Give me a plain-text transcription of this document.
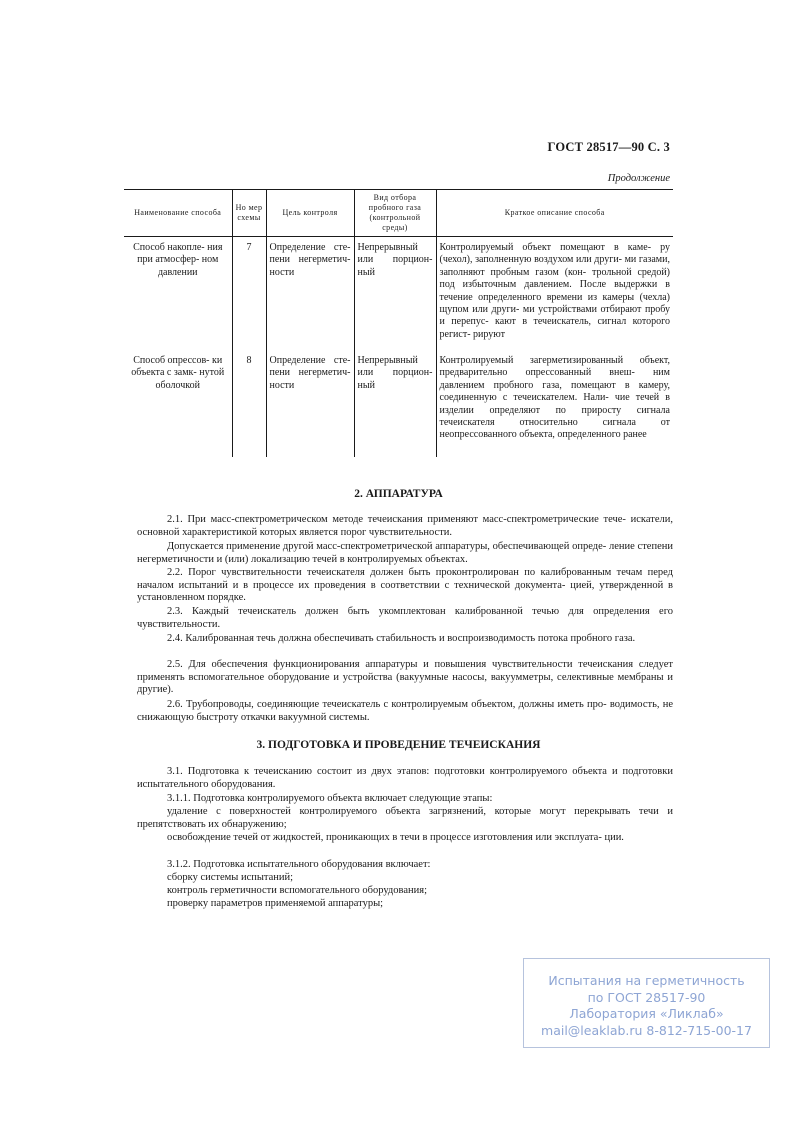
ГОСТ 28517—90 С. 3
Продолжение
Наименование способа	Но мер схемы	Цель контроля	Вид отбора пробного газа (контрольной среды)	Краткое описание способа
Способ накопле- ния при атмосфер- ном давлении	7	Определение сте- пени негерметич- ности	Непрерывный или порцион- ный	Контролируемый объект помещают в каме- ру (чехол), заполненную воздухом или други- ми газами, заполняют пробным газом (кон- трольной средой) под избыточным давлением. После выдержки в течение определенного времени из камеры (чехла) щупом или други- ми устройствами отбирают пробу и перепус- кают в течеискатель, сигнал которого регист- рируют
Способ опрессов- ки объекта с замк- нутой оболочкой	8	Определение сте- пени негерметич- ности	Непрерывный или порцион- ный	Контролируемый загерметизированный объект, предварительно опрессованный внеш- ним давлением пробного газа, помещают в камеру, соединенную с течеискателем. Нали- чие течей в изделии определяют по приросту сигнала течеискателя относительно сигнала от неопрессованного объекта, определенного ранее
2. АППАРАТУРА

2.1. При масс-спектрометрическом методе течеискания применяют масс-спектрометрические тече- искатели, основной характеристикой которых является порог чувствительности.

Допускается применение другой масс-спектрометрической аппаратуры, обеспечивающей опреде- ление степени негерметичности и (или) локализацию течей в контролируемых объектах.

2.2. Порог чувствительности течеискателя должен быть проконтролирован по калиброванным течам перед началом испытаний и в процессе их проведения в соответствии с технической документа- цией, утвержденной в установленном порядке.

2.3. Каждый течеискатель должен быть укомплектован калиброванной течью для определения его чувствительности.

2.4. Калиброванная течь должна обеспечивать стабильность и воспроизводимость потока пробного газа.

2.5. Для обеспечения функционирования аппаратуры и повышения чувствительности течеискания следует применять вспомогательное оборудование и устройства (вакуумные насосы, вакуумметры, селективные мембраны и другие).

2.6. Трубопроводы, соединяющие течеискатель с контролируемым объектом, должны иметь про- водимость, не снижающую быстроту откачки вакуумной системы.

3. ПОДГОТОВКА И ПРОВЕДЕНИЕ ТЕЧЕИСКАНИЯ

3.1. Подготовка к течеисканию состоит из двух этапов: подготовки контролируемого объекта и подготовки испытательного оборудования.

3.1.1. Подготовка контролируемого объекта включает следующие этапы:

удаление с поверхностей контролируемого объекта загрязнений, которые могут перекрывать течи и препятствовать их обнаружению;

освобождение течей от жидкостей, проникающих в течи в процессе изготовления или эксплуата- ции.

3.1.2. Подготовка испытательного оборудования включает:

сборку системы испытаний;

контроль герметичности вспомогательного оборудования;

проверку параметров применяемой аппаратуры;

Испытания на герметичность
по ГОСТ 28517-90
Лаборатория «Ликлаб»
mail@leaklab.ru 8-812-715-00-17
